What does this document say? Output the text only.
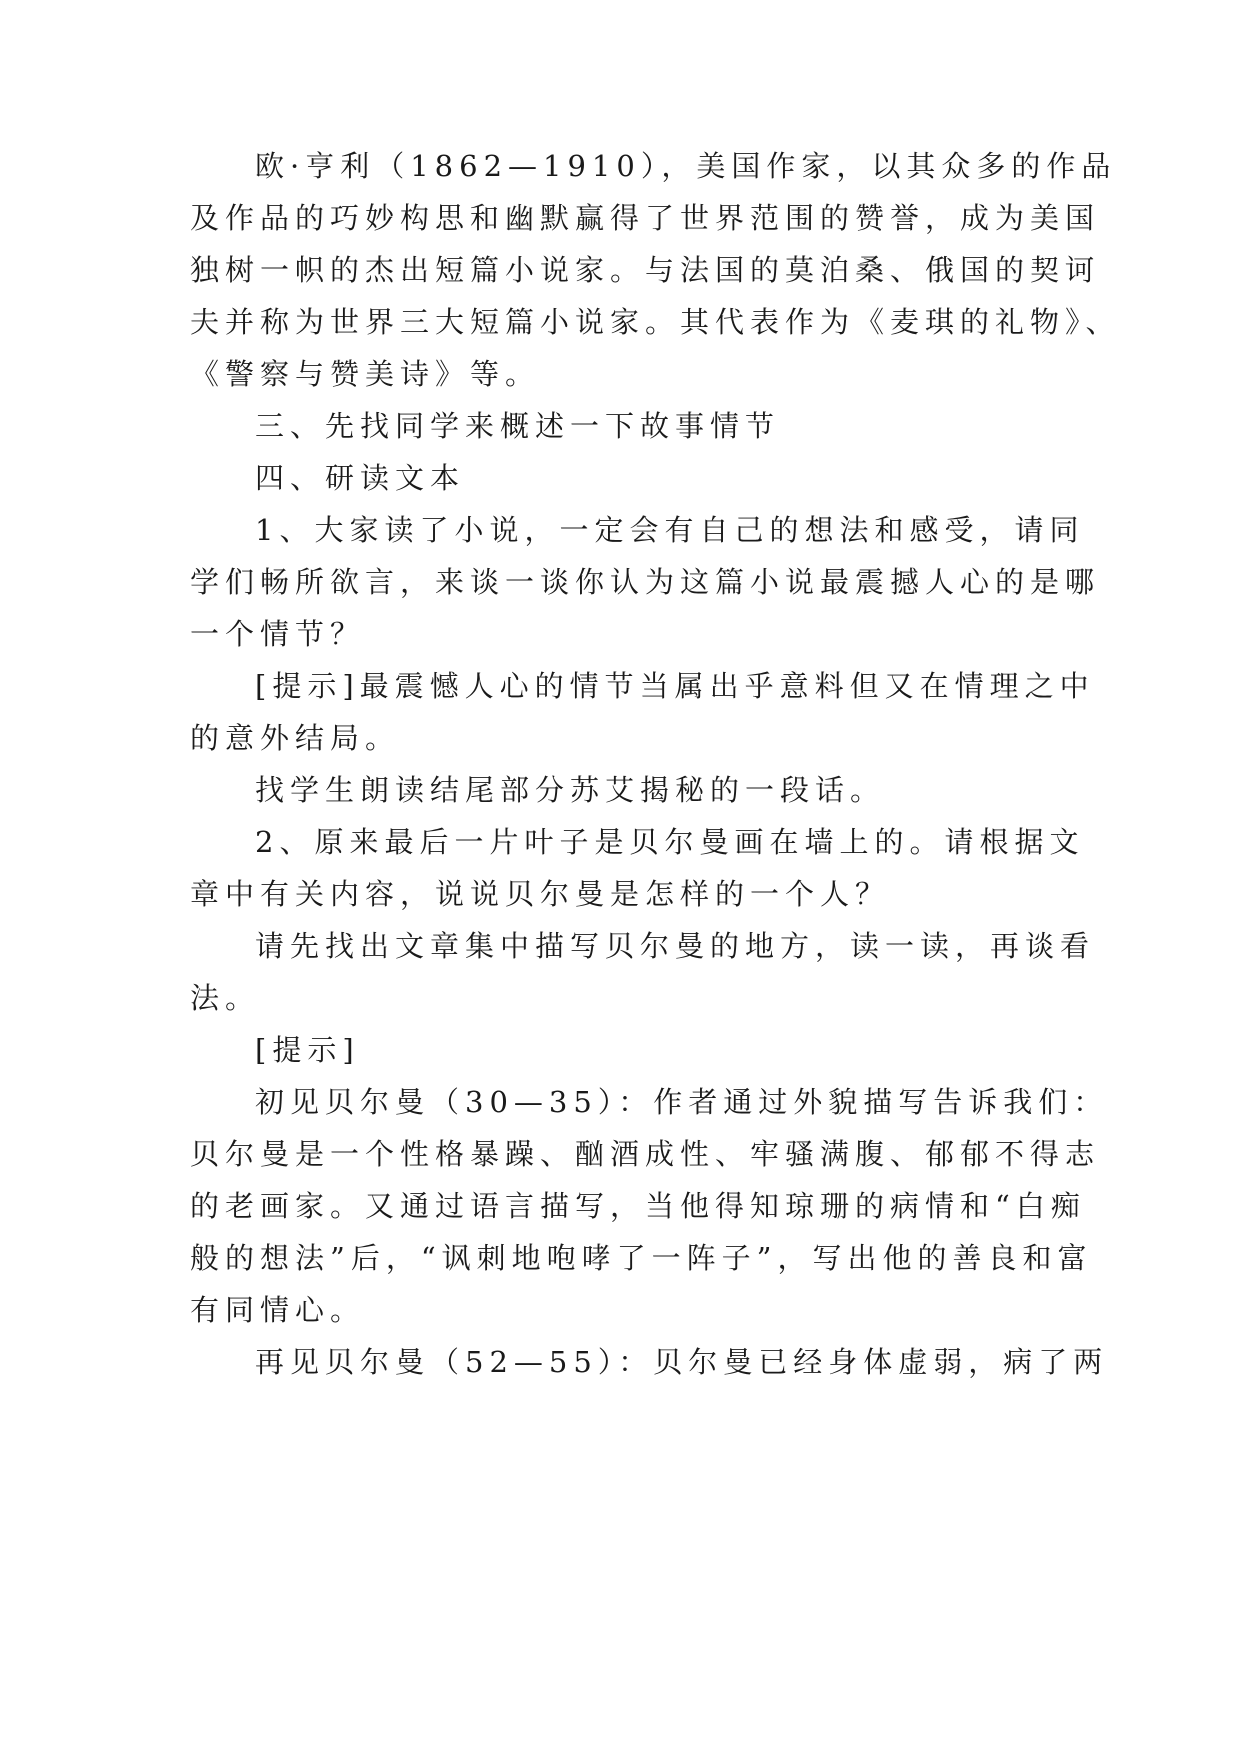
欧·亨利（1862—1910），美国作家，以其众多的作品
及作品的巧妙构思和幽默赢得了世界范围的赞誉，成为美国
独树一帜的杰出短篇小说家。与法国的莫泊桑、俄国的契诃
夫并称为世界三大短篇小说家。其代表作为《麦琪的礼物》、
《警察与赞美诗》等。
三、先找同学来概述一下故事情节
四、研读文本
1、大家读了小说，一定会有自己的想法和感受，请同
学们畅所欲言，来谈一谈你认为这篇小说最震撼人心的是哪
一个情节？
[提示]最震憾人心的情节当属出乎意料但又在情理之中
的意外结局。
找学生朗读结尾部分苏艾揭秘的一段话。
2、原来最后一片叶子是贝尔曼画在墙上的。请根据文
章中有关内容，说说贝尔曼是怎样的一个人？
请先找出文章集中描写贝尔曼的地方，读一读，再谈看
法。
[提示]
初见贝尔曼（30—35）：作者通过外貌描写告诉我们：
贝尔曼是一个性格暴躁、酗酒成性、牢骚满腹、郁郁不得志
的老画家。又通过语言描写，当他得知琼珊的病情和“白痴
般的想法”后，“讽刺地咆哮了一阵子”，写出他的善良和富
有同情心。
再见贝尔曼（52—55）：贝尔曼已经身体虚弱，病了两
